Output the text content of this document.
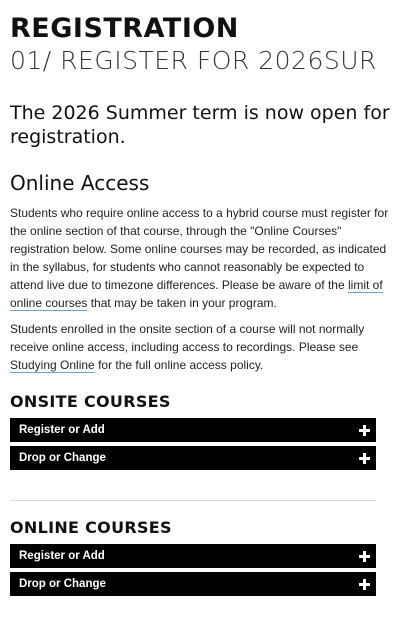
REGISTRATION
01/ REGISTER FOR 2026SUR

The 2026 Summer term is now open for registration.

Online Access

Students who require online access to a hybrid course must register for the online section of that course, through the "Online Courses" registration below. Some online courses may be recorded, as indicated in the syllabus, for students who cannot reasonably be expected to attend live due to timezone differences. Please be aware of the limit of online courses that may be taken in your program.

Students enrolled in the onsite section of a course will not normally receive online access, including access to recordings. Please see Studying Online for the full online access policy.

ONSITE COURSES
Register or Add
Drop or Change
ONLINE COURSES
Register or Add
Drop or Change
